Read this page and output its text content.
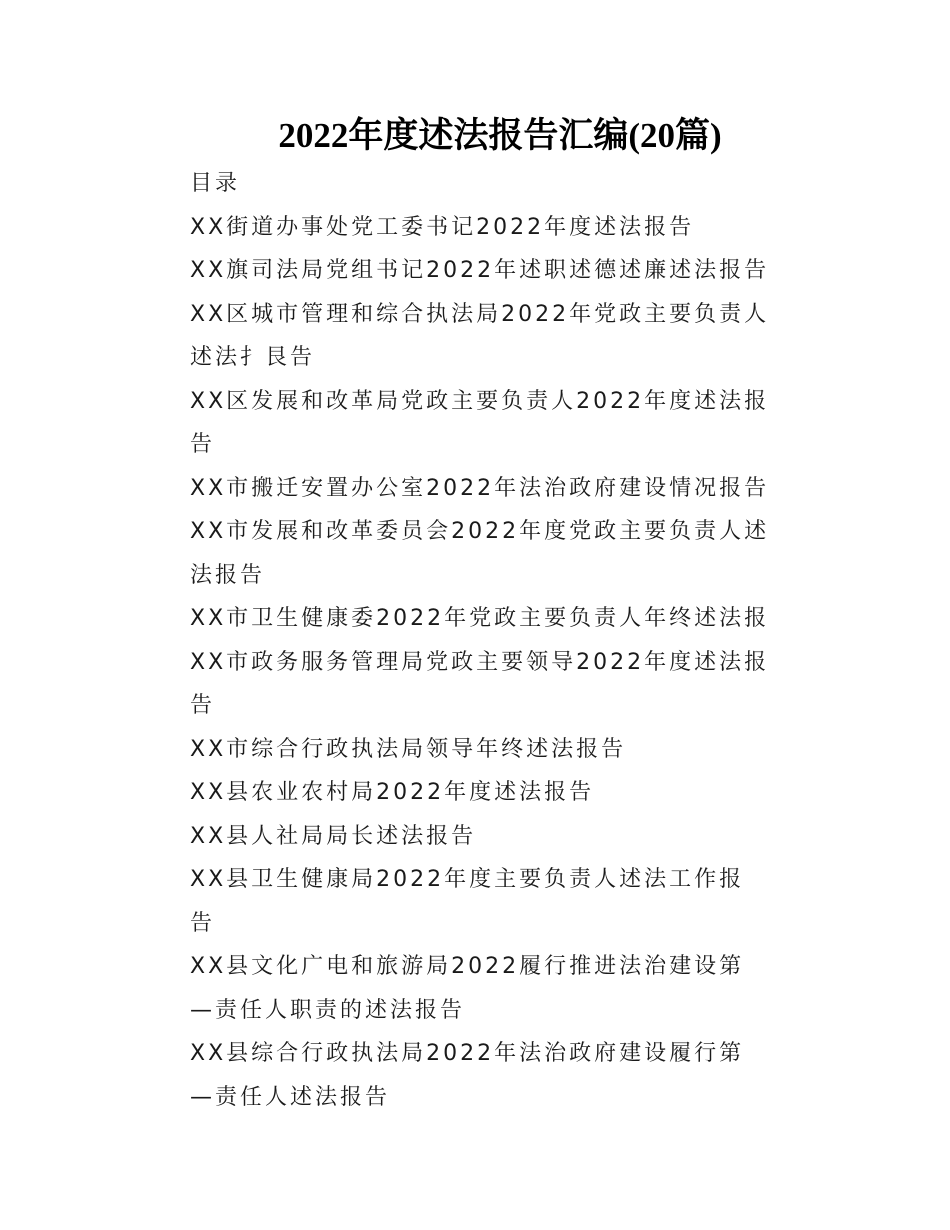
2022年度述法报告汇编(20篇)
目录
XX街道办事处党工委书记2022年度述法报告
XX旗司法局党组书记2022年述职述德述廉述法报告
XX区城市管理和综合执法局2022年党政主要负责人
述法扌艮告
XX区发展和改革局党政主要负责人2022年度述法报
告
XX市搬迁安置办公室2022年法治政府建设情况报告
XX市发展和改革委员会2022年度党政主要负责人述
法报告
XX市卫生健康委2022年党政主要负责人年终述法报
XX市政务服务管理局党政主要领导2022年度述法报
告
XX市综合行政执法局领导年终述法报告
XX县农业农村局2022年度述法报告
XX县人社局局长述法报告
XX县卫生健康局2022年度主要负责人述法工作报
告
XX县文化广电和旅游局2022履行推进法治建设第
—责任人职责的述法报告
XX县综合行政执法局2022年法治政府建设履行第
—责任人述法报告
